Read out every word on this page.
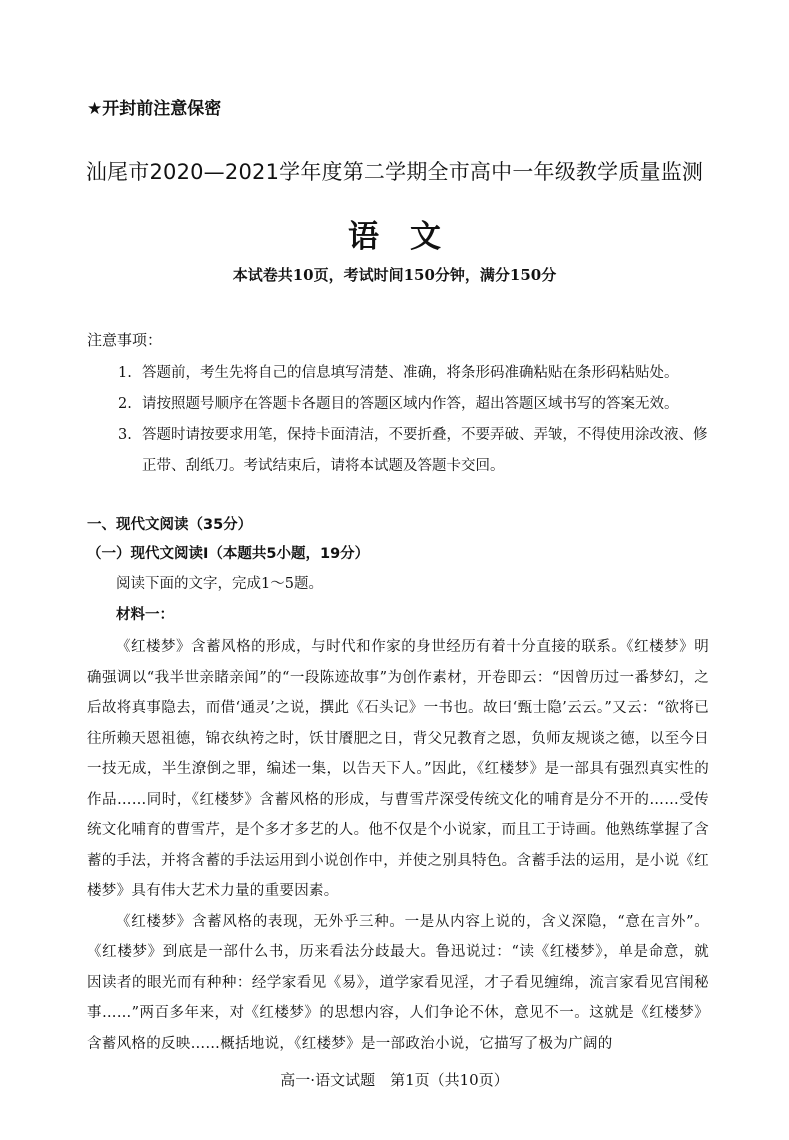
★开封前注意保密
汕尾市2020—2021学年度第二学期全市高中一年级教学质量监测
语　文
本试卷共10页，考试时间150分钟，满分150分
注意事项：
1. 答题前，考生先将自己的信息填写清楚、准确，将条形码准确粘贴在条形码粘贴处。
2. 请按照题号顺序在答题卡各题目的答题区域内作答，超出答题区域书写的答案无效。
3. 答题时请按要求用笔，保持卡面清洁，不要折叠，不要弄破、弄皱，不得使用涂改液、修正带、刮纸刀。考试结束后，请将本试题及答题卡交回。
一、现代文阅读（35分）
（一）现代文阅读Ⅰ（本题共5小题，19分）
阅读下面的文字，完成1～5题。
材料一：

《红楼梦》含蓄风格的形成，与时代和作家的身世经历有着十分直接的联系。《红楼梦》明确强调以“我半世亲睹亲闻”的“一段陈迹故事”为创作素材，开卷即云：“因曾历过一番梦幻，之后故将真事隐去，而借‘通灵’之说，撰此《石头记》一书也。故曰‘甄士隐’云云。”又云：“欲将已往所赖天恩祖德，锦衣纨袴之时，饫甘餍肥之日，背父兄教育之恩，负师友规谈之德，以至今日一技无成，半生潦倒之罪，编述一集，以告天下人。”因此，《红楼梦》是一部具有强烈真实性的作品……同时，《红楼梦》含蓄风格的形成，与曹雪芹深受传统文化的哺育是分不开的……受传统文化哺育的曹雪芹，是个多才多艺的人。他不仅是个小说家，而且工于诗画。他熟练掌握了含蓄的手法，并将含蓄的手法运用到小说创作中，并使之别具特色。含蓄手法的运用，是小说《红楼梦》具有伟大艺术力量的重要因素。

《红楼梦》含蓄风格的表现，无外乎三种。一是从内容上说的，含义深隐，“意在言外”。《红楼梦》到底是一部什么书，历来看法分歧最大。鲁迅说过：“读《红楼梦》，单是命意，就因读者的眼光而有种种：经学家看见《易》，道学家看见淫，才子看见缠绵，流言家看见宫闱秘事……”两百多年来，对《红楼梦》的思想内容，人们争论不休，意见不一。这就是《红楼梦》含蓄风格的反映……概括地说，《红楼梦》是一部政治小说，它描写了极为广阔的

高一·语文试题　第1页（共10页）
